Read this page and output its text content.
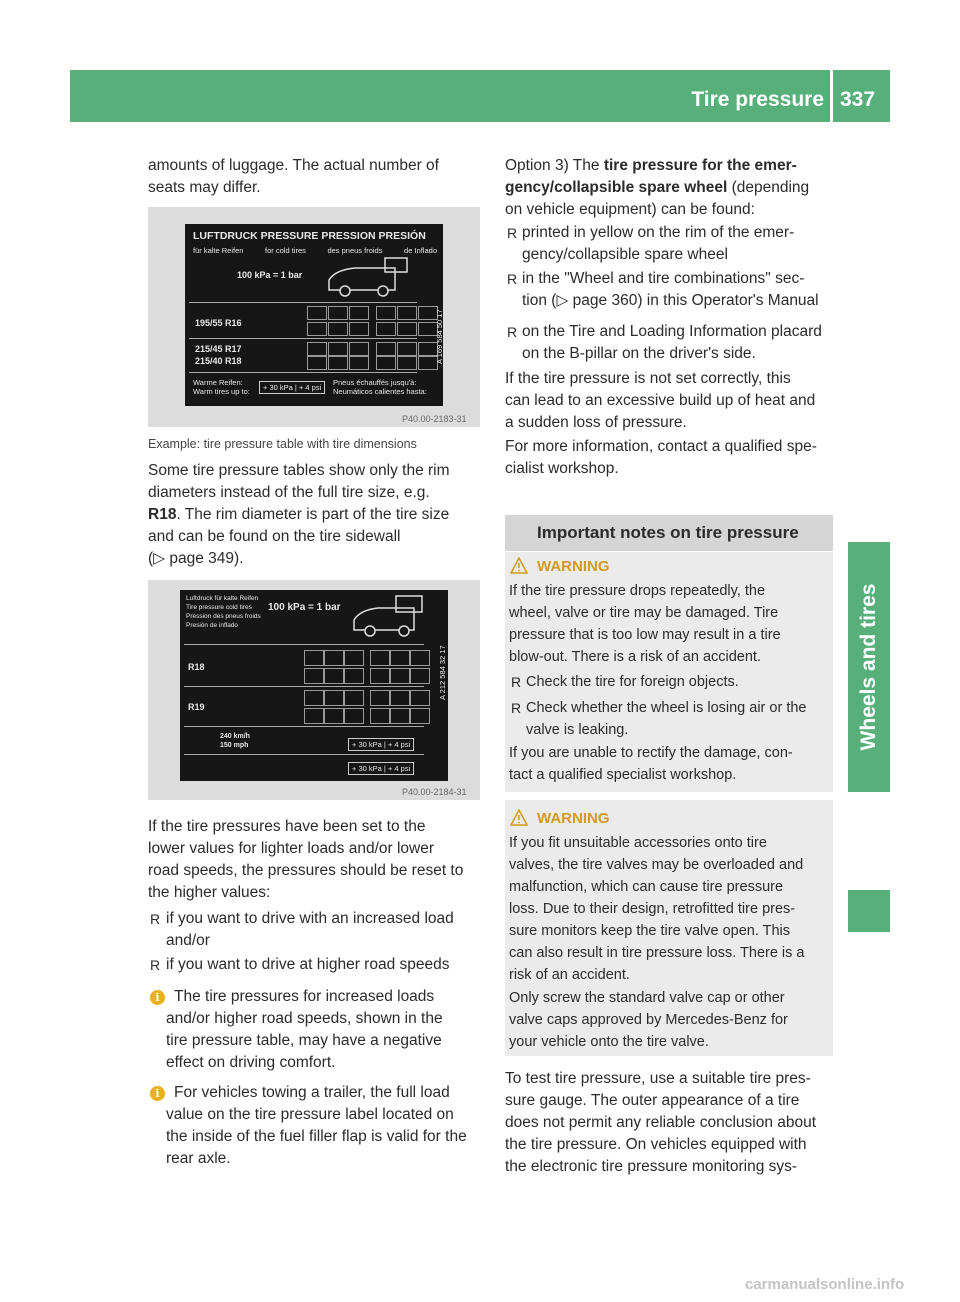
Tire pressure 337
Wheels and tires

amounts of luggage. The actual number of

seats may differ.

LUFTDRUCK PRESSURE PRESSION PRESIÓN
für kalte Reifen	for cold tires	des pneus froids	de Inflado
100 kPa = 1 bar
195/55 R16
215/45 R17
215/40 R18
Warme Reifen:
Warm tires up to:	+ 30 kPa | + 4 psi
Pneus échauffés jusqu'à:
Neumáticos calientes hasta:
A 169 584 50 17
P40.00-2183-31
Example: tire pressure table with tire dimensions

Some tire pressure tables show only the rim

diameters instead of the full tire size, e.g.

R18. The rim diameter is part of the tire size

and can be found on the tire sidewall

(▷ page 349).

Luftdruck für kalte Reifen
Tire pressure cold tires
Pression des pneus froids
Presión de inflado
100 kPa = 1 bar
R18
R19
240 km/h
150 mph	+ 30 kPa | + 4 psi
+ 30 kPa | + 4 psi
A 212 584 32 17
P40.00-2184-31

If the tire pressures have been set to the

lower values for lighter loads and/or lower

road speeds, the pressures should be reset to

the higher values:

R if you want to drive with an increased load

and/or

R if you want to drive at higher road speeds

i The tire pressures for increased loads

and/or higher road speeds, shown in the

tire pressure table, may have a negative

effect on driving comfort.

i For vehicles towing a trailer, the full load

value on the tire pressure label located on

the inside of the fuel filler flap is valid for the

rear axle.

Option 3) The tire pressure for the emer-

gency/collapsible spare wheel (depending

on vehicle equipment) can be found:

R printed in yellow on the rim of the emer-

gency/collapsible spare wheel

R in the "Wheel and tire combinations" sec-

tion (▷ page 360) in this Operator's Manual

R on the Tire and Loading Information placard

on the B-pillar on the driver's side.

If the tire pressure is not set correctly, this

can lead to an excessive build up of heat and

a sudden loss of pressure.

For more information, contact a qualified spe-

cialist workshop.

Important notes on tire pressure
WARNING

If the tire pressure drops repeatedly, the

wheel, valve or tire may be damaged. Tire

pressure that is too low may result in a tire

blow-out. There is a risk of an accident.

R Check the tire for foreign objects.

R Check whether the wheel is losing air or the

valve is leaking.

If you are unable to rectify the damage, con-

tact a qualified specialist workshop.

WARNING

If you fit unsuitable accessories onto tire

valves, the tire valves may be overloaded and

malfunction, which can cause tire pressure

loss. Due to their design, retrofitted tire pres-

sure monitors keep the tire valve open. This

can also result in tire pressure loss. There is a

risk of an accident.

Only screw the standard valve cap or other

valve caps approved by Mercedes-Benz for

your vehicle onto the tire valve.

To test tire pressure, use a suitable tire pres-

sure gauge. The outer appearance of a tire

does not permit any reliable conclusion about

the tire pressure. On vehicles equipped with

the electronic tire pressure monitoring sys-

carmanualsonline.info
